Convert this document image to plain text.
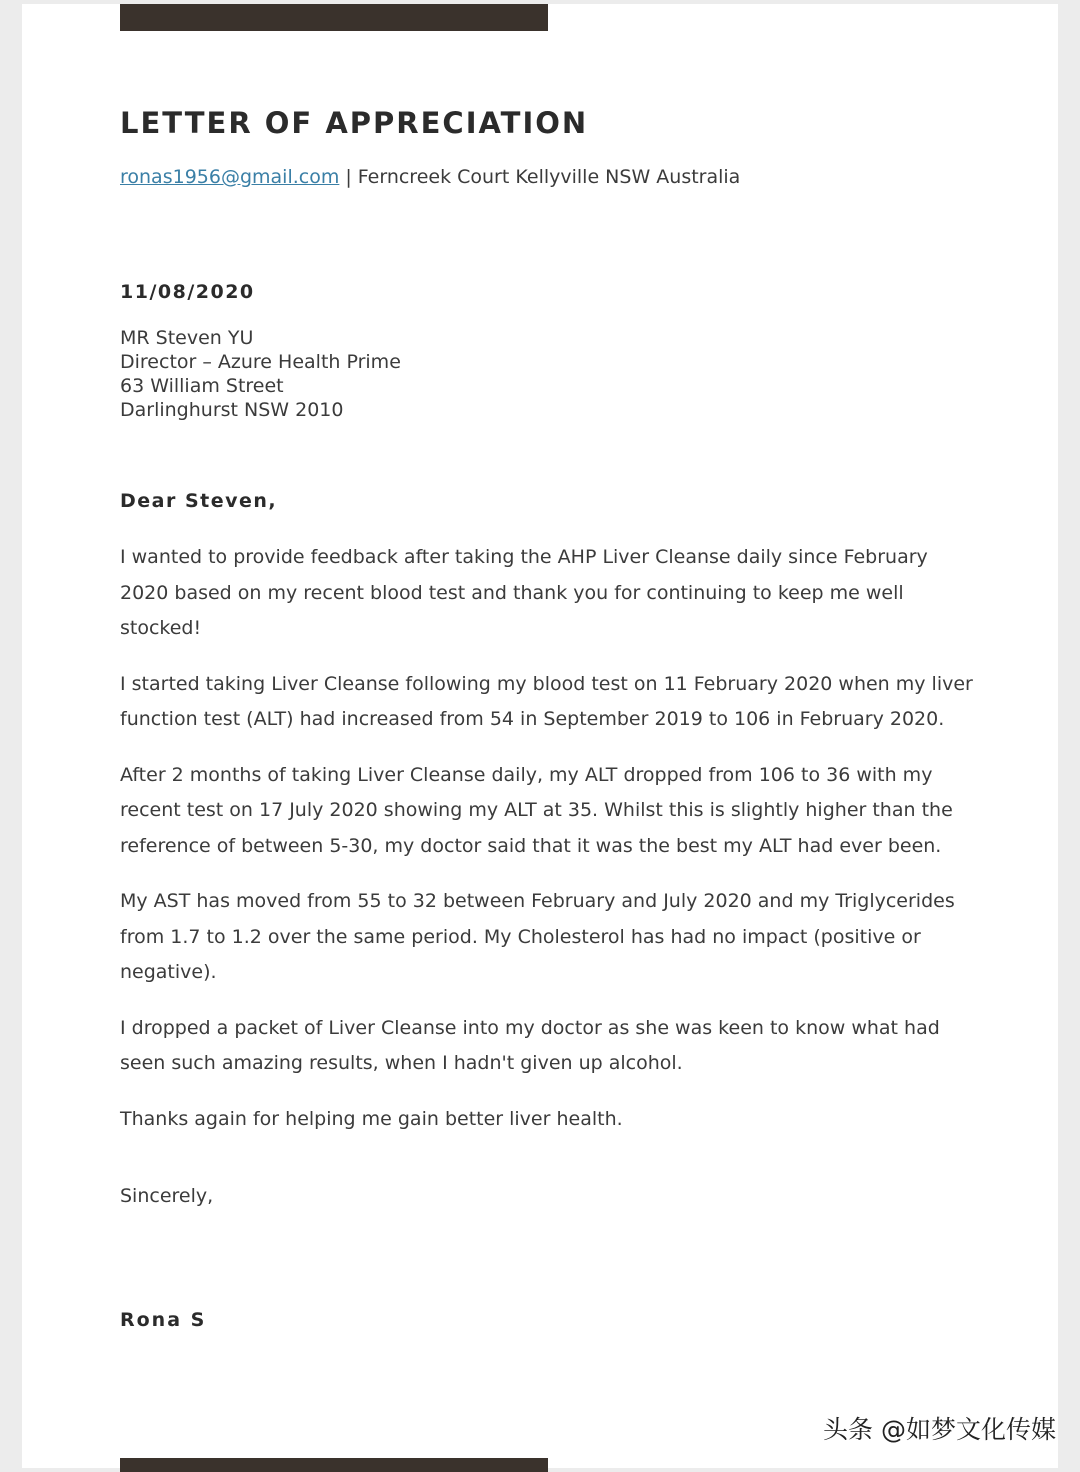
LETTER OF APPRECIATION
ronas1956@gmail.com | Ferncreek Court Kellyville NSW Australia
11/08/2020
MR Steven YU
Director – Azure Health Prime
63 William Street
Darlinghurst NSW 2010
Dear Steven,

I wanted to provide feedback after taking the AHP Liver Cleanse daily since February 2020 based on my recent blood test and thank you for continuing to keep me well stocked!

I started taking Liver Cleanse following my blood test on 11 February 2020 when my liver function test (ALT) had increased from 54 in September 2019 to 106 in February 2020.

After 2 months of taking Liver Cleanse daily, my ALT dropped from 106 to 36 with my recent test on 17 July 2020 showing my ALT at 35. Whilst this is slightly higher than the reference of between 5-30, my doctor said that it was the best my ALT had ever been.

My AST has moved from 55 to 32 between February and July 2020 and my Triglycerides from 1.7 to 1.2 over the same period. My Cholesterol has had no impact (positive or negative).

I dropped a packet of Liver Cleanse into my doctor as she was keen to know what had seen such amazing results, when I hadn't given up alcohol.

Thanks again for helping me gain better liver health.

Sincerely,
Rona S
头条 @如梦文化传媒
